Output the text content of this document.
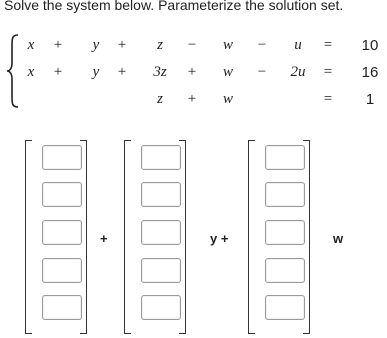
Solve the system below. Parameterize the solution set.
x	+	y	+	z	− w −	u	= 10
x	+	y	+	3z	+ w −	2u	= 16
z	+ w	=	1
+	y +	w
